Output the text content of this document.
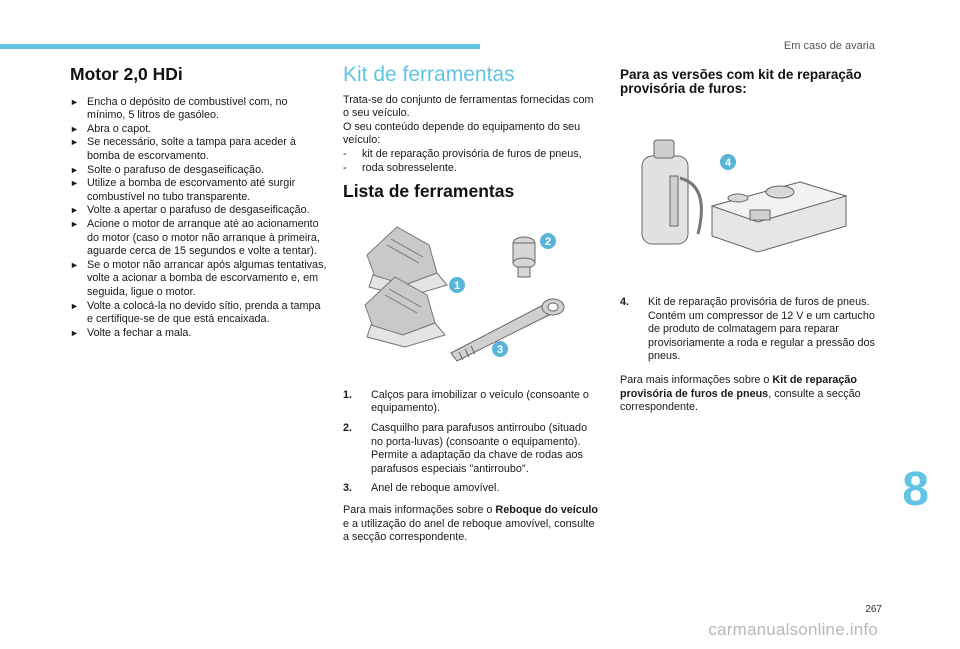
Em caso de avaria
Motor 2,0 HDi
► Encha o depósito de combustível com, no mínimo, 5 litros de gasóleo.
► Abra o capot.
► Se necessário, solte a tampa para aceder à bomba de escorvamento.
► Solte o parafuso de desgaseificação.
► Utilize a bomba de escorvamento até surgir combustível no tubo transparente.
► Volte a apertar o parafuso de desgaseificação.
► Acione o motor de arranque até ao acionamento do motor (caso o motor não arranque à primeira, aguarde cerca de 15 segundos e volte a tentar).
► Se o motor não arrancar após algumas tentativas, volte a acionar a bomba de escorvamento e, em seguida, ligue o motor.
► Volte a colocá-la no devido sítio, prenda a tampa e certifique-se de que está encaixada.
► Volte a fechar a mala.
Kit de ferramentas

Trata-se do conjunto de ferramentas fornecidas com o seu veículo.

O seu conteúdo depende do equipamento do seu veículo:

- kit de reparação provisória de furos de pneus,
- roda sobresselente.
Lista de ferramentas
1
2
3
1. Calços para imobilizar o veículo (consoante o equipamento).
2. Casquilho para parafusos antirroubo (situado no porta-luvas) (consoante o equipamento).
Permite a adaptação da chave de rodas aos parafusos especiais "antirroubo".
3. Anel de reboque amovível.

Para mais informações sobre o Reboque do veículo e a utilização do anel de reboque amovível, consulte a secção correspondente.

Para as versões com kit de reparação provisória de furos:
4
4. Kit de reparação provisória de furos de pneus.
Contém um compressor de 12 V e um cartucho de produto de colmatagem para reparar provisoriamente a roda e regular a pressão dos pneus.

Para mais informações sobre o Kit de reparação provisória de furos de pneus, consulte a secção correspondente.

8
267
carmanualsonline.info
